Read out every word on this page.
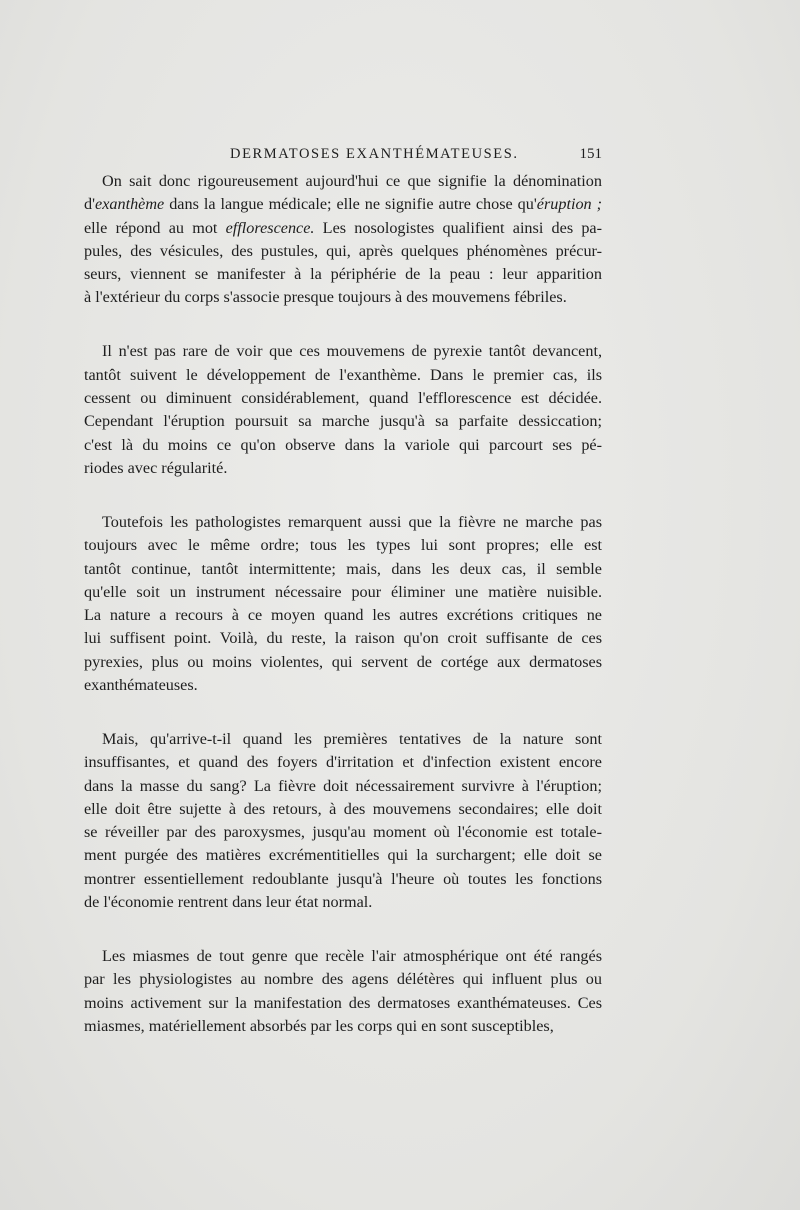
DERMATOSES EXANTHÉMATEUSES.	151

On sait donc rigoureusement aujourd'hui ce que signifie la dénomination
d'exanthème dans la langue médicale; elle ne signifie autre chose qu'éruption ;
elle répond au mot efflorescence. Les nosologistes qualifient ainsi des pa-
pules, des vésicules, des pustules, qui, après quelques phénomènes précur-
seurs, viennent se manifester à la périphérie de la peau : leur apparition
à l'extérieur du corps s'associe presque toujours à des mouvemens fébriles.

Il n'est pas rare de voir que ces mouvemens de pyrexie tantôt devancent,
tantôt suivent le développement de l'exanthème. Dans le premier cas, ils
cessent ou diminuent considérablement, quand l'efflorescence est décidée.
Cependant l'éruption poursuit sa marche jusqu'à sa parfaite dessiccation;
c'est là du moins ce qu'on observe dans la variole qui parcourt ses pé-
riodes avec régularité.

Toutefois les pathologistes remarquent aussi que la fièvre ne marche pas
toujours avec le même ordre; tous les types lui sont propres; elle est
tantôt continue, tantôt intermittente; mais, dans les deux cas, il semble
qu'elle soit un instrument nécessaire pour éliminer une matière nuisible.
La nature a recours à ce moyen quand les autres excrétions critiques ne
lui suffisent point. Voilà, du reste, la raison qu'on croit suffisante de ces
pyrexies, plus ou moins violentes, qui servent de cortége aux dermatoses
exanthémateuses.

Mais, qu'arrive-t-il quand les premières tentatives de la nature sont
insuffisantes, et quand des foyers d'irritation et d'infection existent encore
dans la masse du sang? La fièvre doit nécessairement survivre à l'éruption;
elle doit être sujette à des retours, à des mouvemens secondaires; elle doit
se réveiller par des paroxysmes, jusqu'au moment où l'économie est totale-
ment purgée des matières excrémentitielles qui la surchargent; elle doit se
montrer essentiellement redoublante jusqu'à l'heure où toutes les fonctions
de l'économie rentrent dans leur état normal.

Les miasmes de tout genre que recèle l'air atmosphérique ont été rangés
par les physiologistes au nombre des agens délétères qui influent plus ou
moins activement sur la manifestation des dermatoses exanthémateuses. Ces
miasmes, matériellement absorbés par les corps qui en sont susceptibles,
